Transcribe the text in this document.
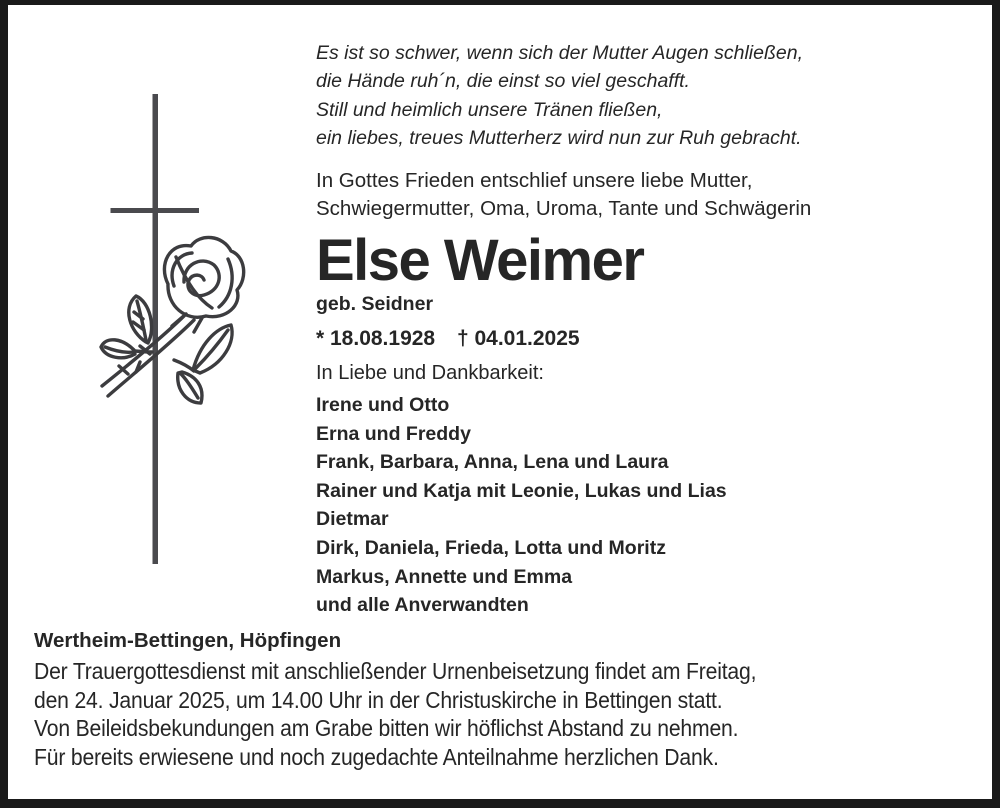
Es ist so schwer, wenn sich der Mutter Augen schließen,
die Hände ruh´n, die einst so viel geschafft.
Still und heimlich unsere Tränen fließen,
ein liebes, treues Mutterherz wird nun zur Ruh gebracht.
In Gottes Frieden entschlief unsere liebe Mutter,
Schwiegermutter, Oma, Uroma, Tante und Schwägerin
Else Weimer
geb. Seidner
* 18.08.1928 † 04.01.2025
In Liebe und Dankbarkeit:
Irene und Otto
Erna und Freddy
Frank, Barbara, Anna, Lena und Laura
Rainer und Katja mit Leonie, Lukas und Lias
Dietmar
Dirk, Daniela, Frieda, Lotta und Moritz
Markus, Annette und Emma
und alle Anverwandten
Wertheim-Bettingen, Höpfingen
Der Trauergottesdienst mit anschließender Urnenbeisetzung findet am Freitag,
den 24. Januar 2025, um 14.00 Uhr in der Christuskirche in Bettingen statt.
Von Beileidsbekundungen am Grabe bitten wir höflichst Abstand zu nehmen.
Für bereits erwiesene und noch zugedachte Anteilnahme herzlichen Dank.
